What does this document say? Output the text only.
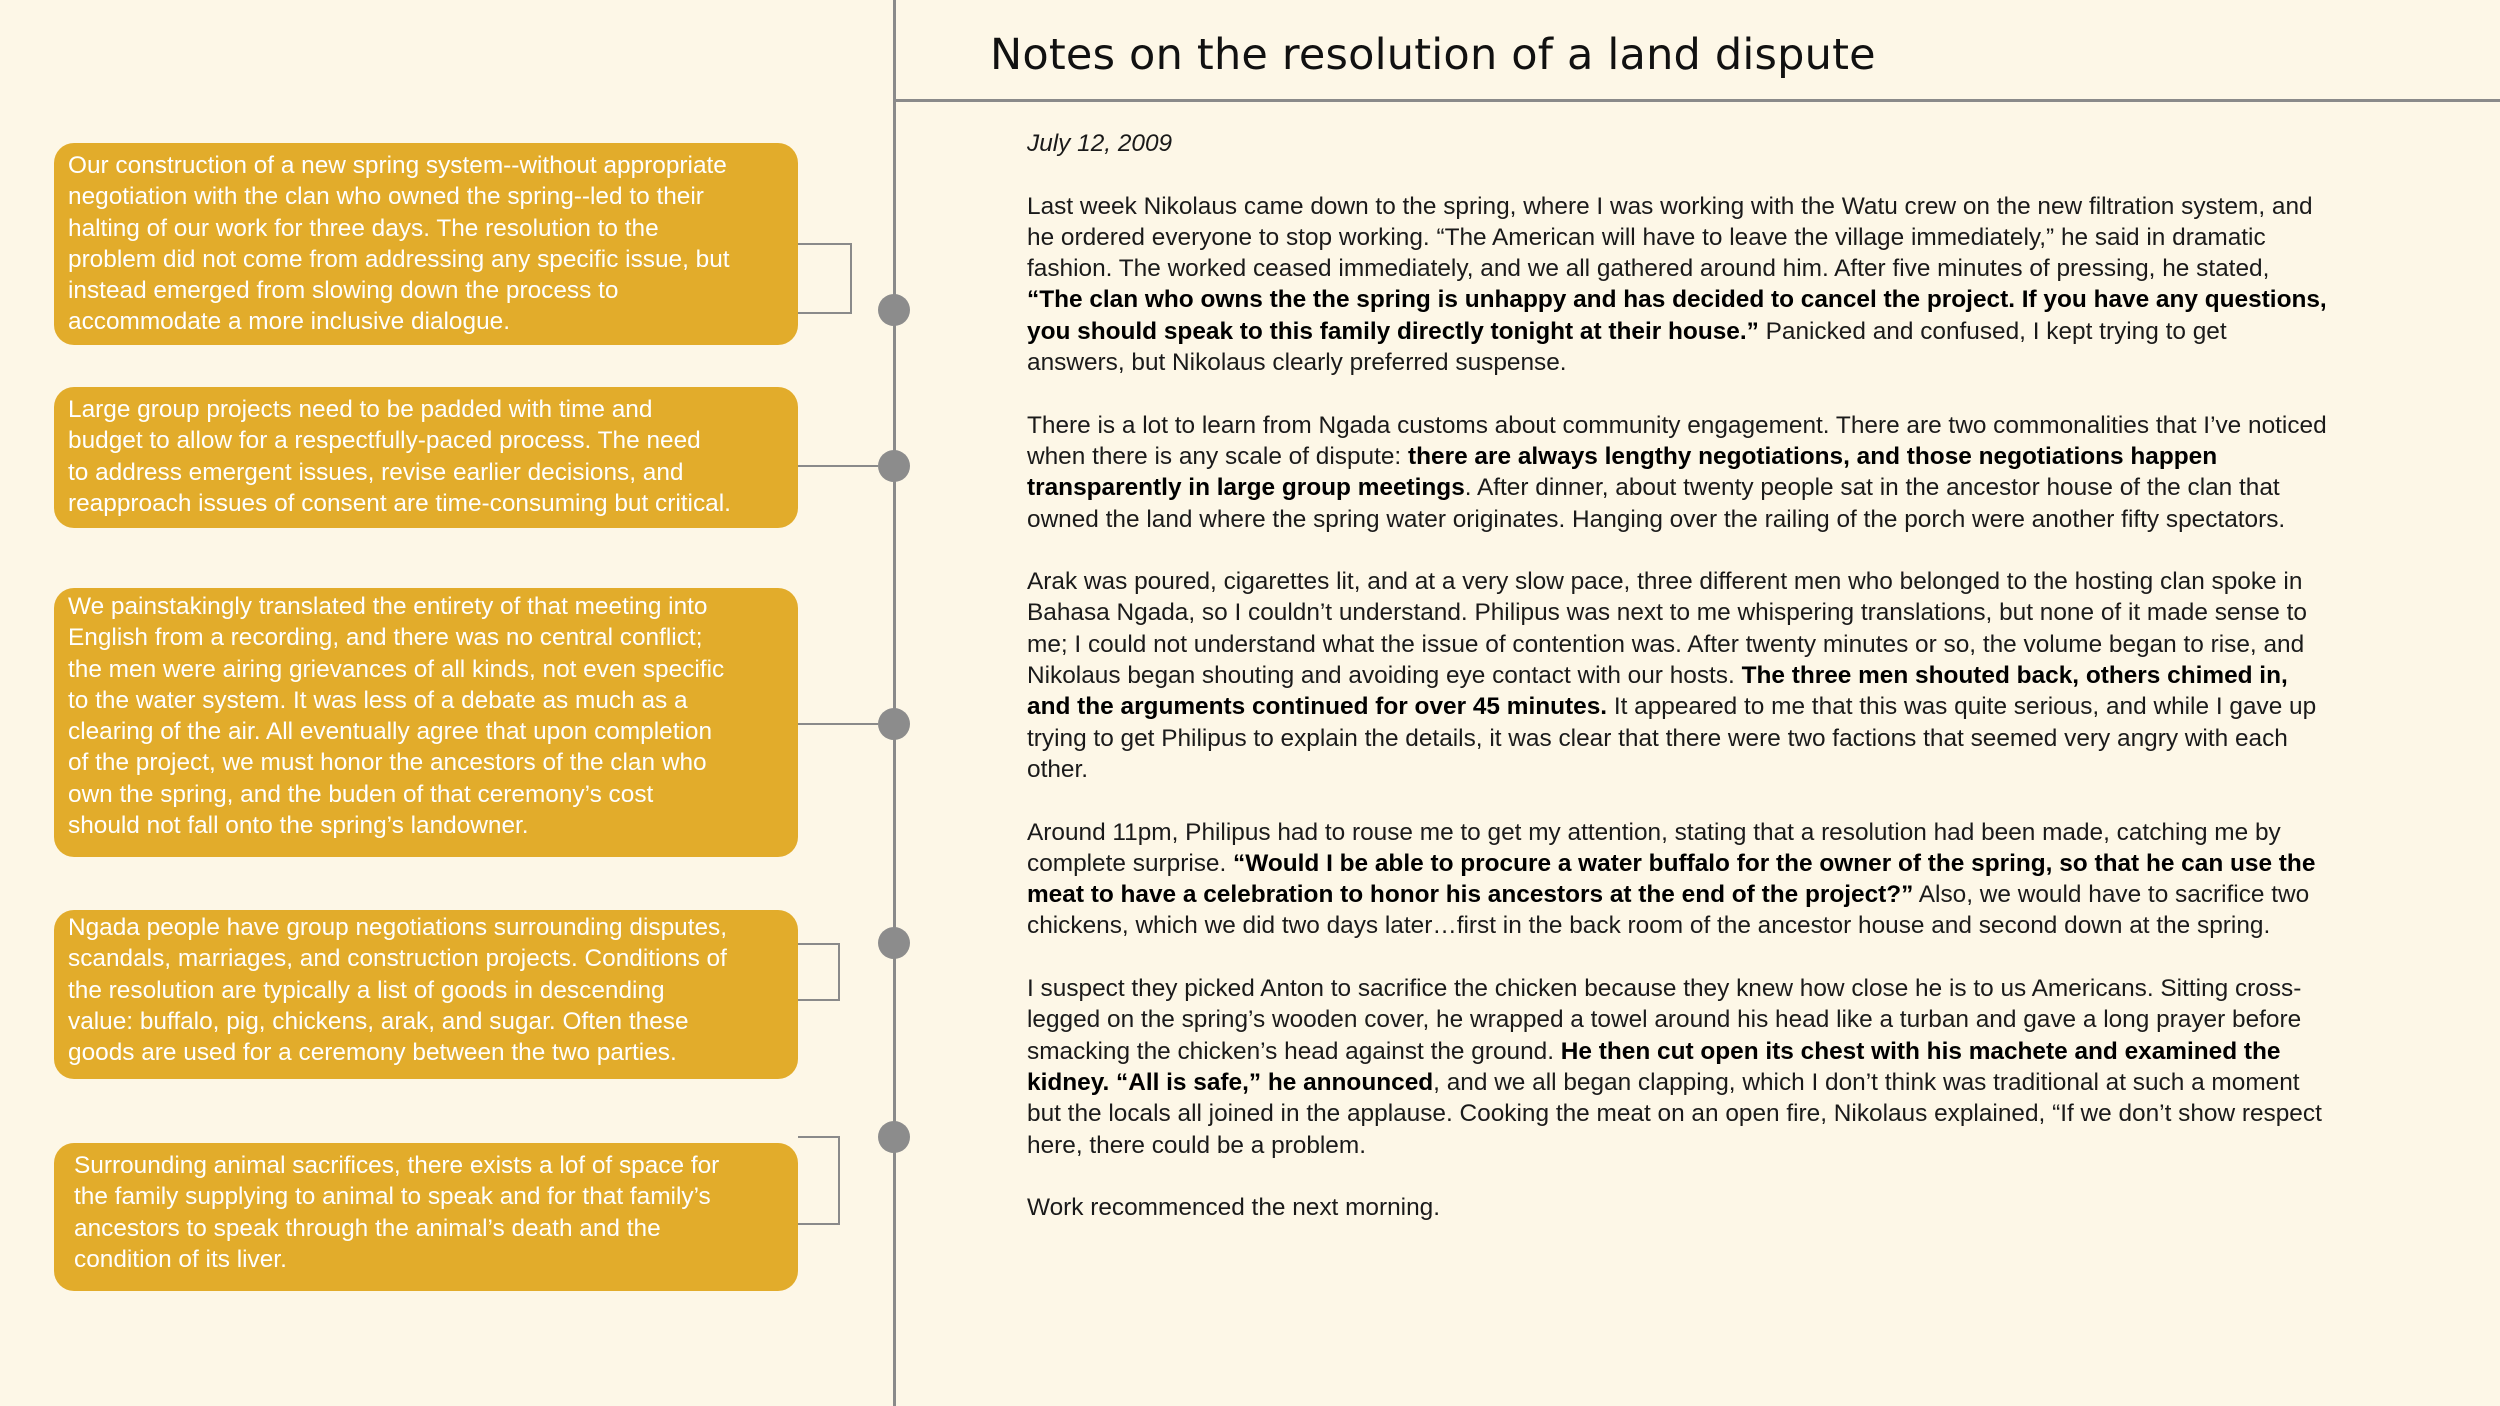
Notes on the resolution of a land dispute

July 12, 2009

Last week Nikolaus came down to the spring, where I was working with the Watu crew on the new filtration system, and he ordered everyone to stop working. “The American will have to leave the village immediately,” he said in dramatic fashion. The worked ceased immediately, and we all gathered around him. After five minutes of pressing, he stated, “The clan who owns the the spring is unhappy and has decided to cancel the project. If you have any questions, you should speak to this family directly tonight at their house.” Panicked and confused, I kept trying to get answers, but Nikolaus clearly preferred suspense.

There is a lot to learn from Ngada customs about community engagement. There are two commonalities that I’ve noticed when there is any scale of dispute: there are always lengthy negotiations, and those negotiations happen transparently in large group meetings. After dinner, about twenty people sat in the ancestor house of the clan that owned the land where the spring water originates. Hanging over the railing of the porch were another fifty spectators.

Arak was poured, cigarettes lit, and at a very slow pace, three different men who belonged to the hosting clan spoke in Bahasa Ngada, so I couldn’t understand. Philipus was next to me whispering translations, but none of it made sense to me; I could not understand what the issue of contention was. After twenty minutes or so, the volume began to rise, and Nikolaus began shouting and avoiding eye contact with our hosts. The three men shouted back, others chimed in, and the arguments continued for over 45 minutes. It appeared to me that this was quite serious, and while I gave up trying to get Philipus to explain the details, it was clear that there were two factions that seemed very angry with each other.

Around 11pm, Philipus had to rouse me to get my attention, stating that a resolution had been made, catching me by complete surprise. “Would I be able to procure a water buffalo for the owner of the spring, so that he can use the meat to have a celebration to honor his ancestors at the end of the project?” Also, we would have to sacrifice two chickens, which we did two days later…first in the back room of the ancestor house and second down at the spring.

I suspect they picked Anton to sacrifice the chicken because they knew how close he is to us Americans. Sitting cross-legged on the spring’s wooden cover, he wrapped a towel around his head like a turban and gave a long prayer before smacking the chicken’s head against the ground. He then cut open its chest with his machete and examined the kidney. “All is safe,” he announced, and we all began clapping, which I don’t think was traditional at such a moment but the locals all joined in the applause. Cooking the meat on an open fire, Nikolaus explained, “If we don’t show respect here, there could be a problem.

Work recommenced the next morning.

Our construction of a new spring system--without appropriate
negotiation with the clan who owned the spring--led to their
halting of our work for three days. The resolution to the
problem did not come from addressing any specific issue, but
instead emerged from slowing down the process to
accommodate a more inclusive dialogue.
Large group projects need to be padded with time and
budget to allow for a respectfully-paced process. The need
to address emergent issues, revise earlier decisions, and
reapproach issues of consent are time-consuming but critical.
We painstakingly translated the entirety of that meeting into
English from a recording, and there was no central conflict;
the men were airing grievances of all kinds, not even specific
to the water system. It was less of a debate as much as a
clearing of the air. All eventually agree that upon completion
of the project, we must honor the ancestors of the clan who
own the spring, and the buden of that ceremony’s cost
should not fall onto the spring’s landowner.
Ngada people have group negotiations surrounding disputes,
scandals, marriages, and construction projects. Conditions of
the resolution are typically a list of goods in descending
value: buffalo, pig, chickens, arak, and sugar. Often these
goods are used for a ceremony between the two parties.
Surrounding animal sacrifices, there exists a lof of space for
the family supplying to animal to speak and for that family’s
ancestors to speak through the animal’s death and the
condition of its liver.
